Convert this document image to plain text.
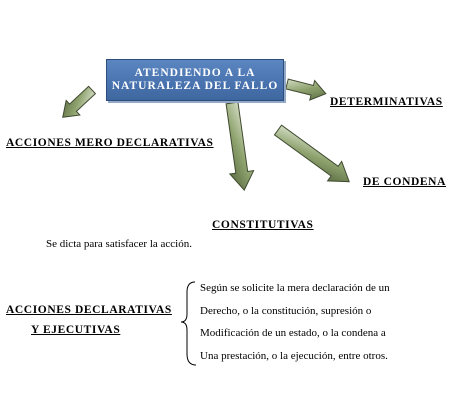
ATENDIENDO A LA
NATURALEZA DEL FALLO
DETERMINATIVAS
ACCIONES MERO DECLARATIVAS
DE CONDENA
CONSTITUTIVAS
Se dicta para satisfacer la acción.
ACCIONES DECLARATIVAS
Y EJECUTIVAS
Según se solicite la mera declaración de un
Derecho, o la constitución, supresión o
Modificación de un estado, o la condena a
Una prestación, o la ejecución, entre otros.
